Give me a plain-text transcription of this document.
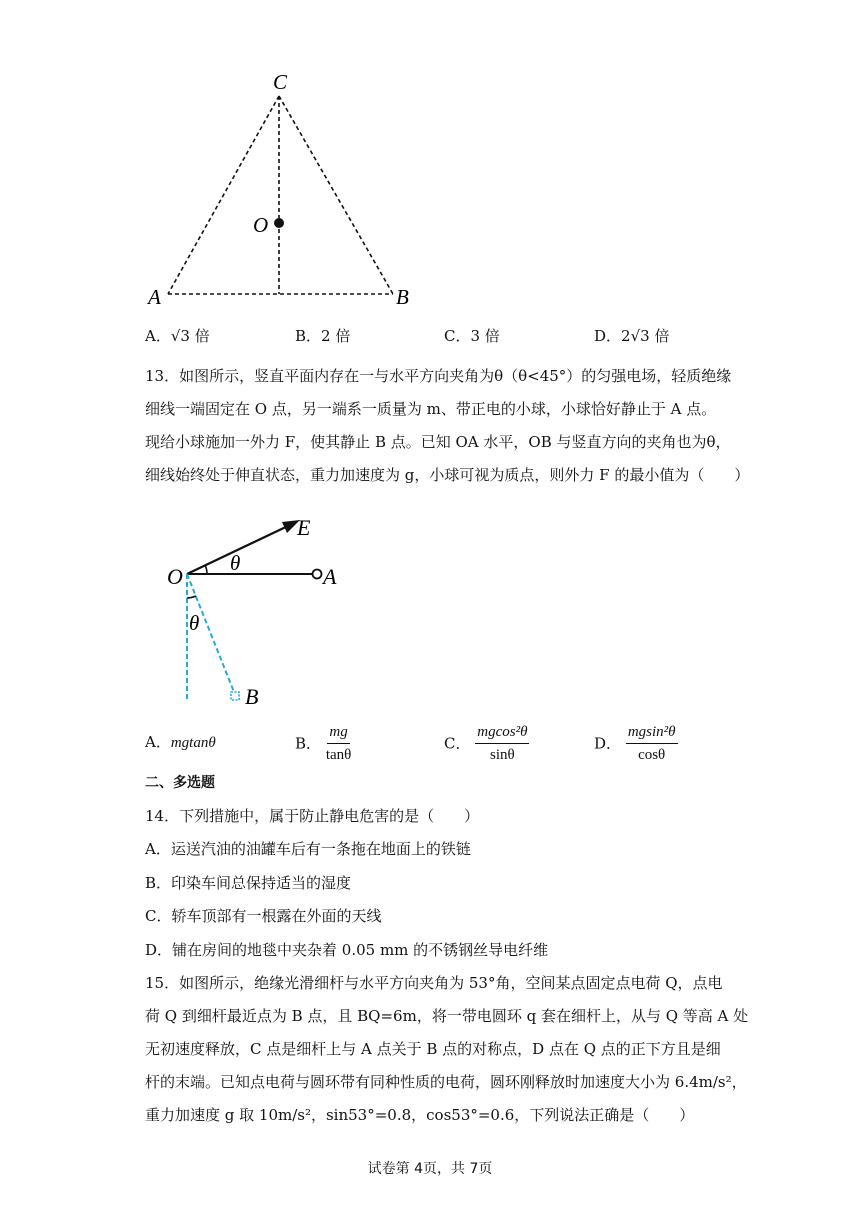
C
O
A	B
A．√3 倍	B．2 倍	C．3 倍	D．2√3 倍
13．如图所示，竖直平面内存在一与水平方向夹角为θ（θ<45°）的匀强电场，轻质绝缘
细线一端固定在 O 点，另一端系一质量为 m、带正电的小球，小球恰好静止于 A 点。
现给小球施加一外力 F，使其静止 B 点。已知 OA 水平，OB 与竖直方向的夹角也为θ，
细线始终处于伸直状态，重力加速度为 g，小球可视为质点，则外力 F 的最小值为（　　）
E
O	A
B
θ
θ
A．mgtanθ	B． $\frac{mg}{\tan\theta}$	C． $\frac{\text{mgcos²θ}}{\sin\theta}$	D． $\frac{\text{mgsin²θ}}{\cos\theta}$
二、多选题
14．下列措施中，属于防止静电危害的是（　　）
A．运送汽油的油罐车后有一条拖在地面上的铁链
B．印染车间总保持适当的湿度
C．轿车顶部有一根露在外面的天线
D．铺在房间的地毯中夹杂着 0.05 mm 的不锈钢丝导电纤维
15．如图所示，绝缘光滑细杆与水平方向夹角为 53°角，空间某点固定点电荷 Q，点电
荷 Q 到细杆最近点为 B 点，且 BQ=6m，将一带电圆环 q 套在细杆上，从与 Q 等高 A 处
无初速度释放，C 点是细杆上与 A 点关于 B 点的对称点，D 点在 Q 点的正下方且是细
杆的末端。已知点电荷与圆环带有同种性质的电荷，圆环刚释放时加速度大小为 6.4m/s²，
重力加速度 g 取 10m/s²，sin53°=0.8，cos53°=0.6，下列说法正确是（　　）
试卷第 4页，共 7页
